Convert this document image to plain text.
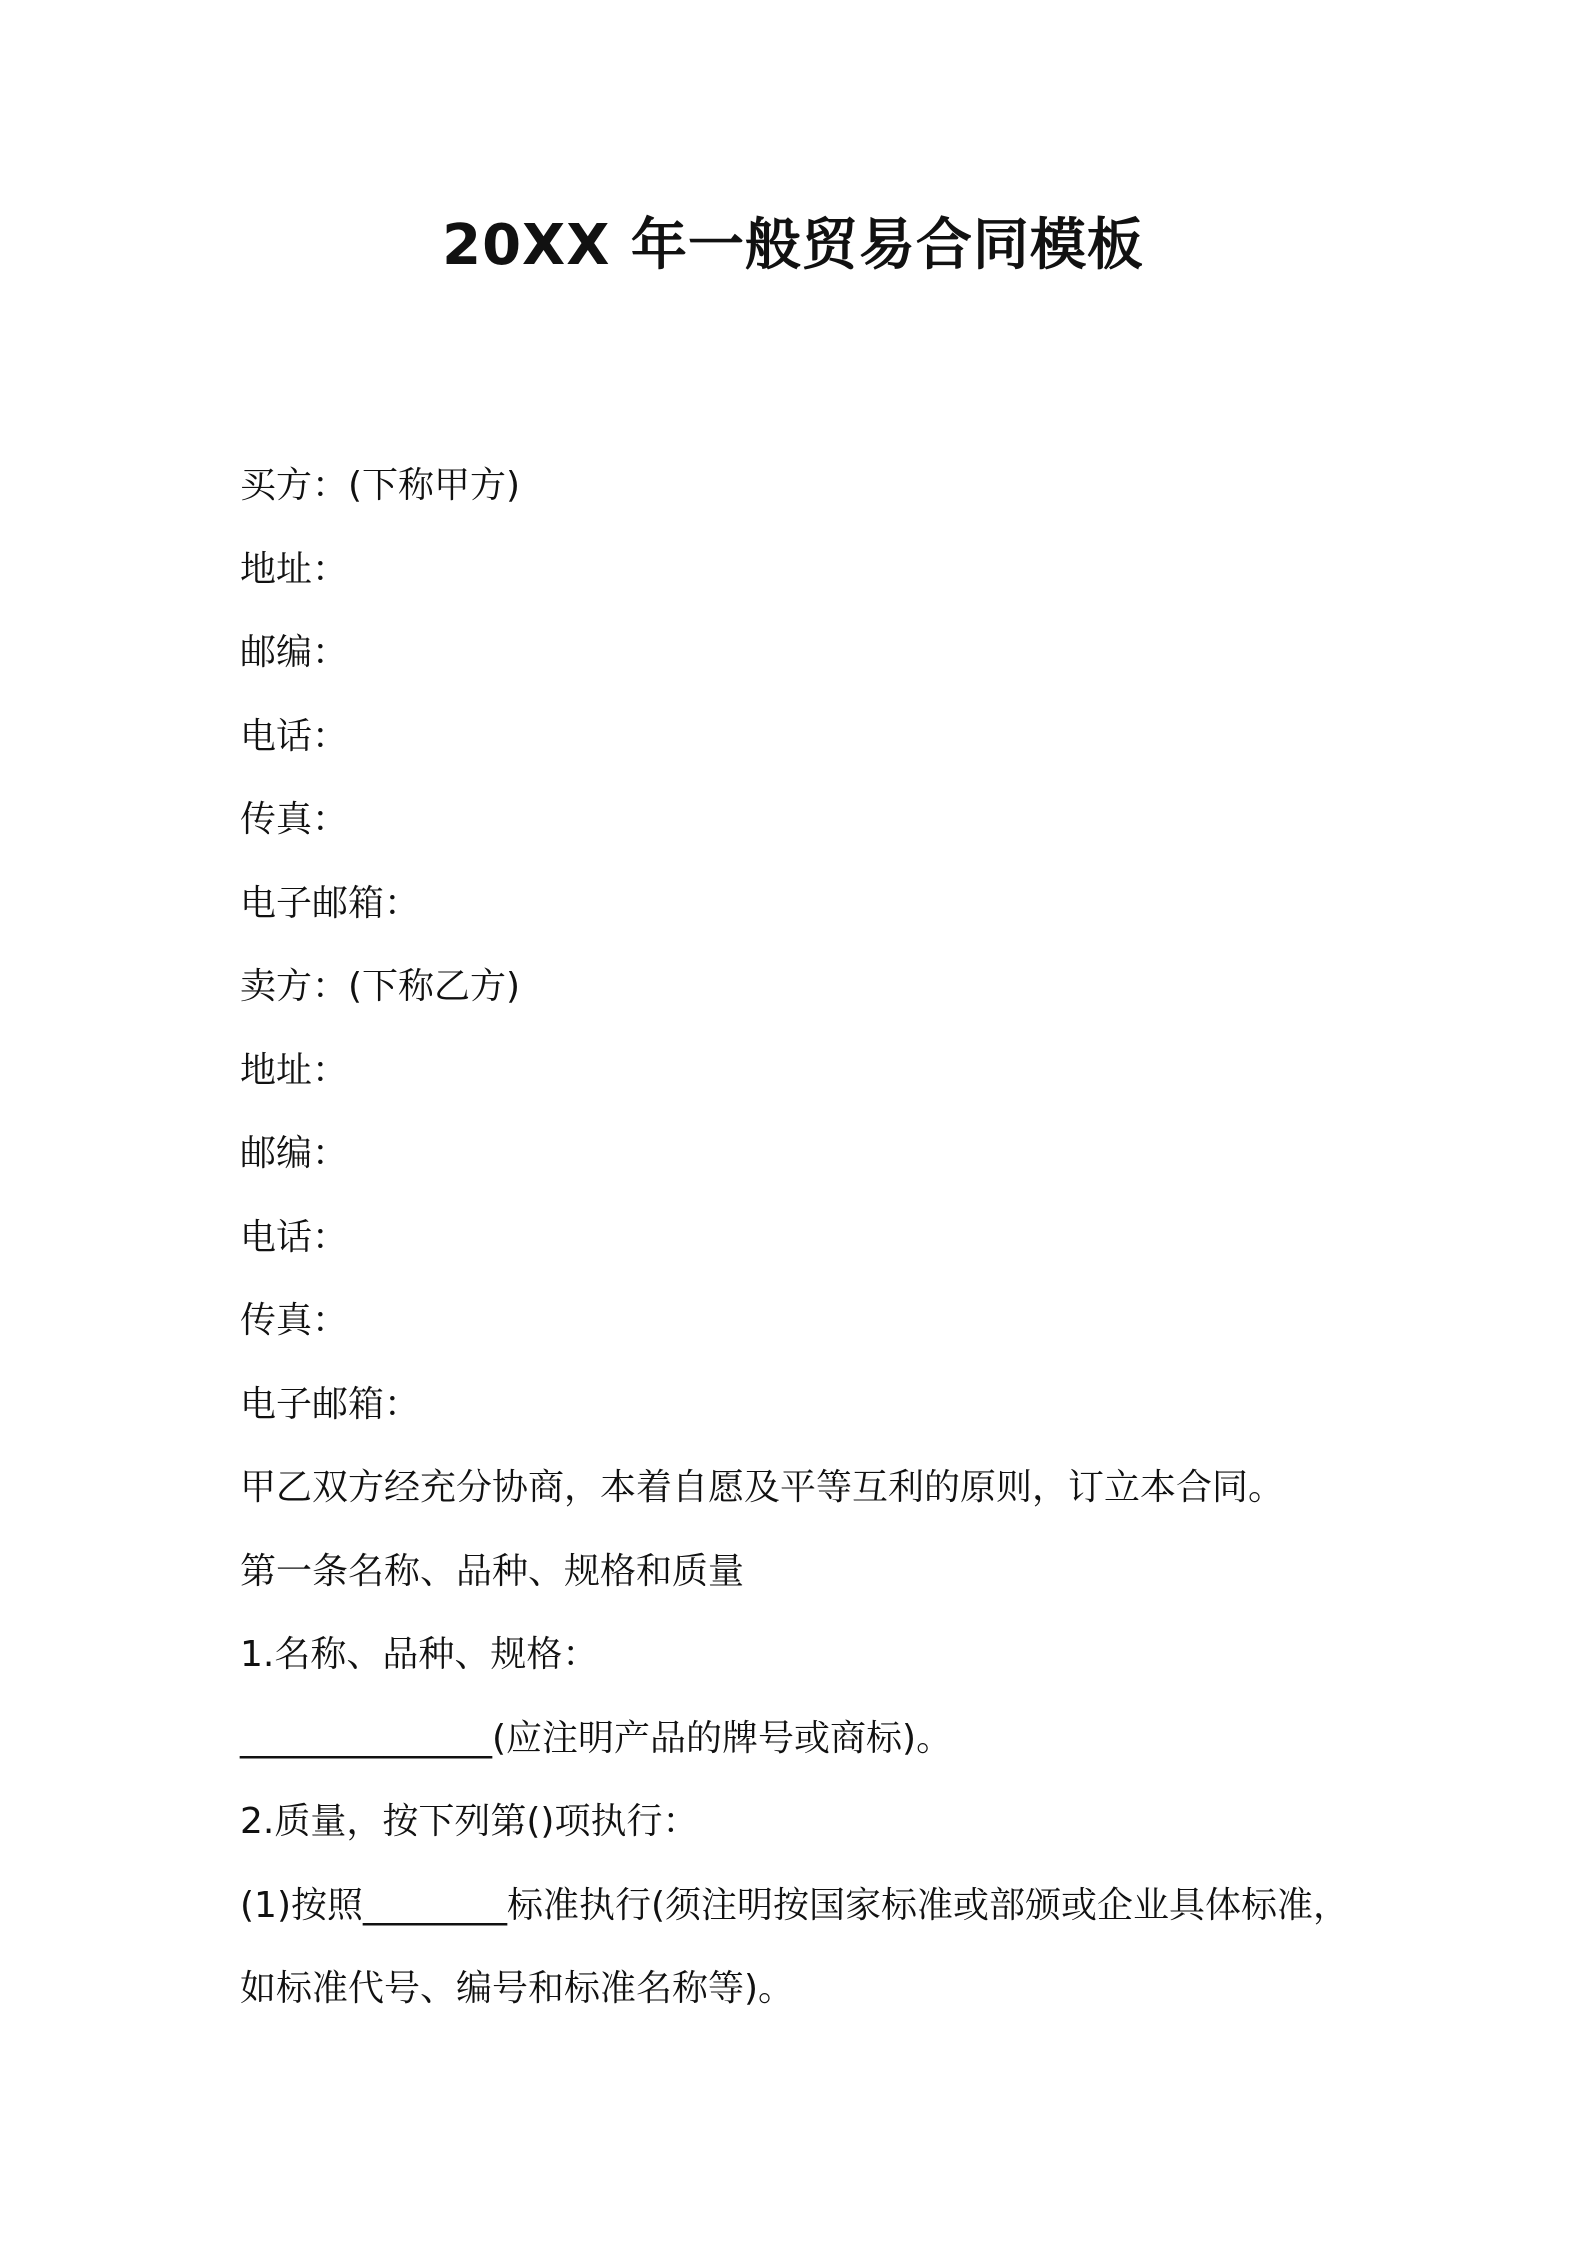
20XX 年一般贸易合同模板
买方：(下称甲方)
地址：
邮编：
电话：
传真：
电子邮箱：
卖方：(下称乙方)
地址：
邮编：
电话：
传真：
电子邮箱：
甲乙双方经充分协商，本着自愿及平等互利的原则，订立本合同。
第一条名称、品种、规格和质量
1.名称、品种、规格：
______________(应注明产品的牌号或商标)。
2.质量，按下列第()项执行：
(1)按照________标准执行(须注明按国家标准或部颁或企业具体标准，
如标准代号、编号和标准名称等)。
